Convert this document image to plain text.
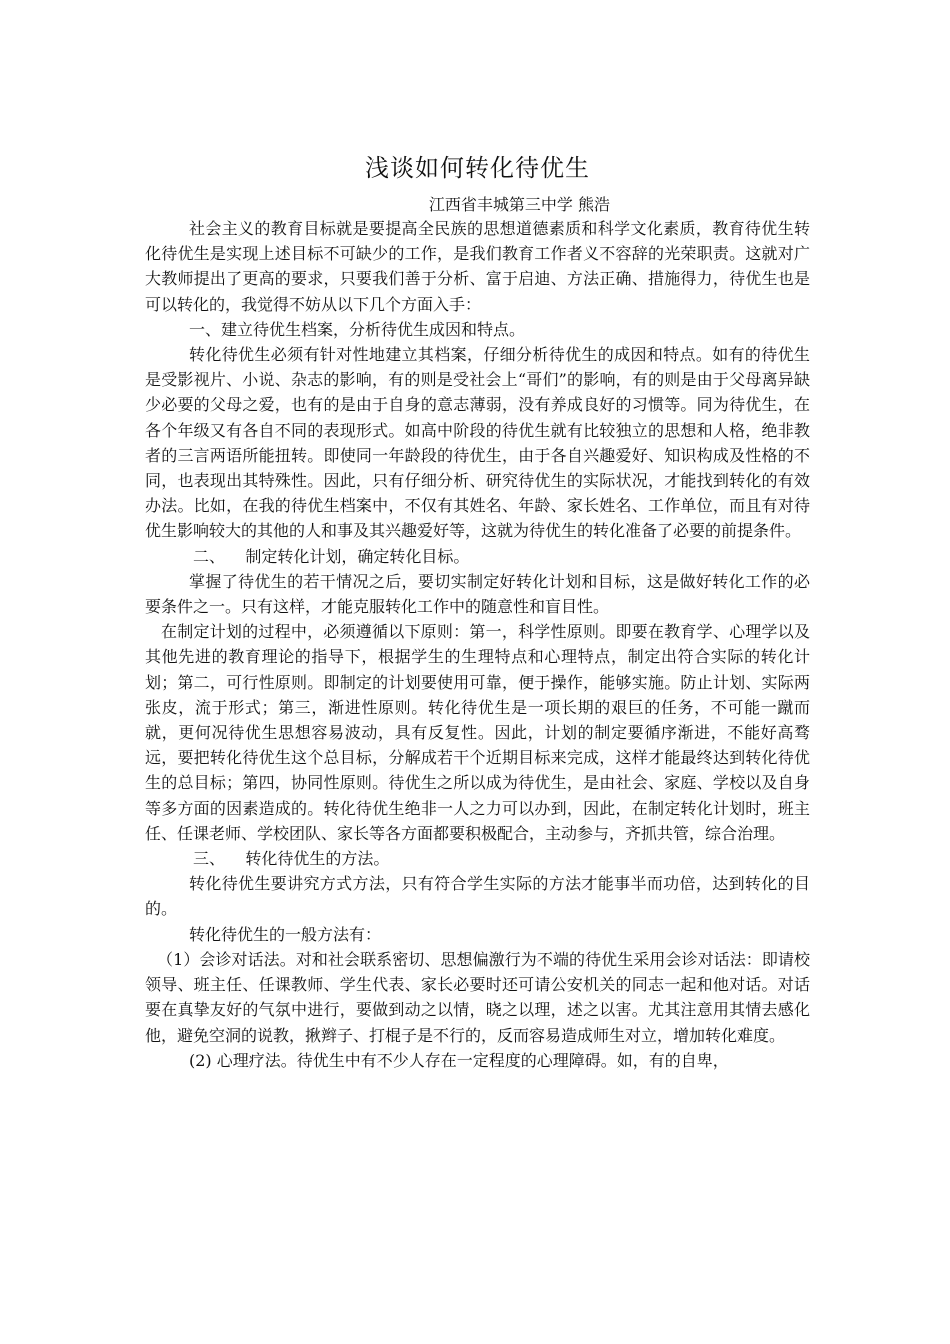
浅谈如何转化待优生

江西省丰城第三中学 熊浩

社会主义的教育目标就是要提高全民族的思想道德素质和科学文化素质，教育待优生转化待优生是实现上述目标不可缺少的工作，是我们教育工作者义不容辞的光荣职责。这就对广大教师提出了更高的要求，只要我们善于分析、富于启迪、方法正确、措施得力，待优生也是可以转化的，我觉得不妨从以下几个方面入手：

一、建立待优生档案，分析待优生成因和特点。

转化待优生必须有针对性地建立其档案，仔细分析待优生的成因和特点。如有的待优生是受影视片、小说、杂志的影响，有的则是受社会上“哥们”的影响，有的则是由于父母离异缺少必要的父母之爱，也有的是由于自身的意志薄弱，没有养成良好的习惯等。同为待优生，在各个年级又有各自不同的表现形式。如高中阶段的待优生就有比较独立的思想和人格，绝非教者的三言两语所能扭转。即使同一年龄段的待优生，由于各自兴趣爱好、知识构成及性格的不同，也表现出其特殊性。因此，只有仔细分析、研究待优生的实际状况，才能找到转化的有效办法。比如，在我的待优生档案中，不仅有其姓名、年龄、家长姓名、工作单位，而且有对待优生影响较大的其他的人和事及其兴趣爱好等，这就为待优生的转化准备了必要的前提条件。

二、    制定转化计划，确定转化目标。

掌握了待优生的若干情况之后，要切实制定好转化计划和目标，这是做好转化工作的必要条件之一。只有这样，才能克服转化工作中的随意性和盲目性。

在制定计划的过程中，必须遵循以下原则：第一，科学性原则。即要在教育学、心理学以及其他先进的教育理论的指导下，根据学生的生理特点和心理特点，制定出符合实际的转化计划；第二，可行性原则。即制定的计划要使用可靠，便于操作，能够实施。防止计划、实际两张皮，流于形式；第三，渐进性原则。转化待优生是一项长期的艰巨的任务，不可能一蹴而就，更何况待优生思想容易波动，具有反复性。因此，计划的制定要循序渐进，不能好高骛远，要把转化待优生这个总目标，分解成若干个近期目标来完成，这样才能最终达到转化待优生的总目标；第四，协同性原则。待优生之所以成为待优生，是由社会、家庭、学校以及自身等多方面的因素造成的。转化待优生绝非一人之力可以办到，因此，在制定转化计划时，班主任、任课老师、学校团队、家长等各方面都要积极配合，主动参与，齐抓共管，综合治理。

三、    转化待优生的方法。

转化待优生要讲究方式方法，只有符合学生实际的方法才能事半而功倍，达到转化的目的。

转化待优生的一般方法有：

（1）会诊对话法。对和社会联系密切、思想偏激行为不端的待优生采用会诊对话法：即请校领导、班主任、任课教师、学生代表、家长必要时还可请公安机关的同志一起和他对话。对话要在真挚友好的气氛中进行，要做到动之以情，晓之以理，述之以害。尤其注意用其情去感化他，避免空洞的说教，揪辫子、打棍子是不行的，反而容易造成师生对立，增加转化难度。

(2) 心理疗法。待优生中有不少人存在一定程度的心理障碍。如，有的自卑，
